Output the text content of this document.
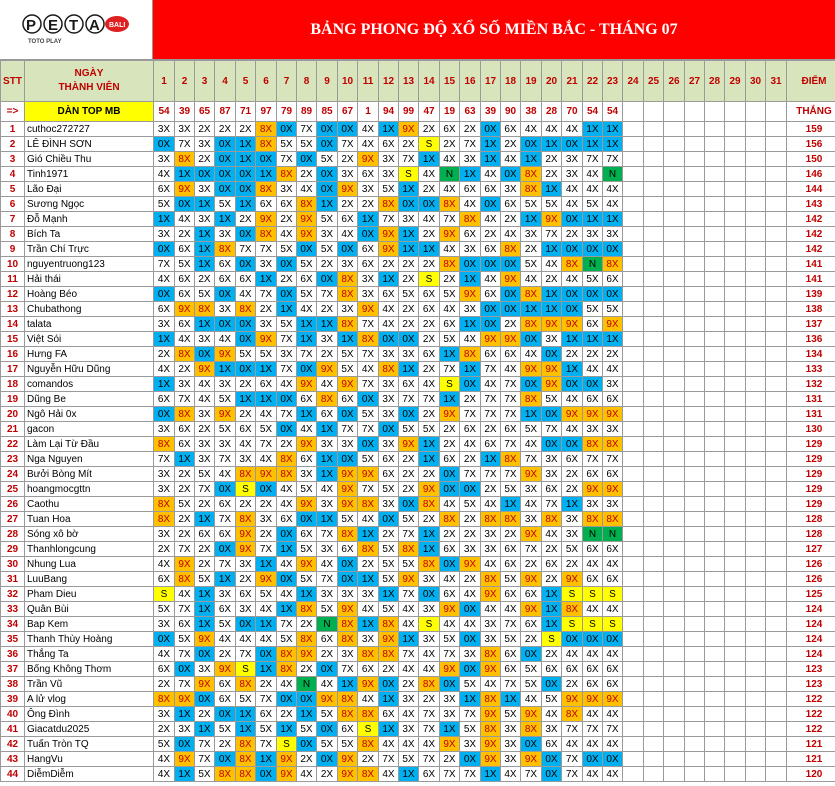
P E T A BALI
TOTO PLAY
BẢNG PHONG ĐỘ XỔ SỐ MIỀN BẮC - THÁNG 07
STT	NGÀY
THÀNH VIÊN	1	2	3	4	5	6	7	8	9	10	11	12	13	14	15	16	17	18	19	20	21	22	23	24	25	26	27	28	29	30	31	ĐIỂM
=>	DÀN TOP MB	54	39	65	87	71	97	79	89	85	67	1	94	99	47	19	63	39	90	38	28	70	54	54									THẮNG
1	cuthoc272727	3X	3X	2X	2X	2X	8X	0X	7X	0X	0X	4X	1X	9X	2X	6X	2X	0X	6X	4X	4X	4X	1X	1X									159
2	LÊ ĐÌNH SƠN	0X	7X	3X	0X	1X	8X	5X	5X	0X	7X	4X	6X	2X	S	2X	7X	1X	2X	0X	1X	0X	1X	1X									156
3	Gió Chiều Thu	3X	8X	2X	0X	1X	0X	7X	0X	5X	2X	9X	3X	7X	1X	4X	3X	1X	4X	1X	2X	3X	7X	7X									150
4	Tinh1971	4X	1X	0X	0X	0X	1X	8X	2X	0X	3X	6X	3X	S	4X	N	1X	4X	0X	8X	2X	3X	4X	N									146
5	Lão Đại	6X	9X	3X	0X	0X	8X	3X	4X	0X	9X	3X	5X	1X	2X	4X	6X	6X	3X	8X	1X	4X	4X	4X									144
6	Sương Ngọc	5X	0X	1X	5X	1X	6X	6X	8X	1X	2X	2X	8X	0X	0X	8X	4X	0X	6X	5X	5X	4X	5X	4X									143
7	Đỗ Mạnh	1X	4X	3X	1X	2X	9X	2X	9X	5X	6X	1X	7X	3X	4X	7X	8X	4X	2X	1X	9X	0X	1X	1X									142
8	Bích Ta	3X	2X	1X	3X	0X	8X	4X	9X	3X	4X	0X	9X	1X	2X	9X	6X	2X	4X	3X	7X	2X	3X	3X									142
9	Trần Chí Trực	0X	6X	1X	8X	7X	7X	5X	0X	5X	0X	6X	9X	1X	1X	4X	3X	6X	8X	2X	1X	0X	0X	0X									142
10	nguyentruong123	7X	5X	1X	6X	0X	3X	0X	5X	2X	3X	6X	2X	2X	2X	8X	0X	0X	0X	5X	4X	8X	N	8X									141
11	Hải thái	4X	6X	2X	6X	6X	1X	2X	6X	0X	8X	3X	1X	2X	S	2X	1X	4X	9X	4X	2X	4X	5X	6X									141
12	Hoàng Béo	0X	6X	5X	0X	4X	7X	0X	5X	7X	8X	3X	6X	5X	6X	5X	9X	6X	0X	8X	1X	0X	0X	0X									139
13	Chubathong	6X	9X	8X	3X	8X	2X	1X	4X	2X	3X	9X	4X	2X	6X	4X	3X	0X	0X	1X	1X	0X	5X	5X									138
14	talata	3X	6X	1X	0X	0X	3X	5X	1X	1X	8X	7X	4X	2X	2X	6X	1X	0X	2X	8X	9X	9X	6X	9X									137
15	Việt Sói	1X	4X	3X	4X	0X	9X	7X	1X	3X	1X	8X	0X	0X	2X	5X	4X	9X	9X	0X	3X	1X	1X	1X									136
16	Hưng FA	2X	8X	0X	9X	5X	5X	3X	7X	2X	5X	7X	3X	3X	6X	1X	8X	6X	6X	4X	0X	2X	2X	2X									134
17	Nguyễn Hữu Dũng	4X	2X	9X	1X	0X	1X	7X	0X	9X	5X	4X	8X	1X	2X	7X	1X	7X	4X	9X	9X	1X	4X	4X									133
18	comandos	1X	3X	4X	3X	2X	6X	4X	9X	4X	9X	7X	3X	6X	4X	S	0X	4X	7X	0X	9X	0X	0X	3X									132
19	Dũng Be	6X	7X	4X	5X	1X	1X	0X	6X	8X	6X	0X	3X	7X	7X	1X	2X	7X	7X	8X	5X	4X	6X	6X									131
20	Ngô Hải 0x	0X	8X	3X	9X	2X	4X	7X	1X	6X	0X	5X	3X	0X	2X	9X	7X	7X	7X	1X	0X	9X	9X	9X									131
21	gacon	3X	6X	2X	5X	6X	5X	0X	4X	1X	7X	7X	0X	5X	5X	2X	6X	2X	6X	5X	7X	4X	3X	3X									130
22	Làm Lại Từ Đầu	8X	6X	3X	3X	4X	7X	2X	9X	3X	3X	0X	3X	9X	1X	2X	4X	6X	7X	4X	0X	0X	8X	8X									129
23	Nga Nguyen	7X	1X	3X	7X	3X	4X	8X	6X	1X	0X	5X	6X	2X	1X	6X	2X	1X	8X	7X	3X	6X	7X	7X									129
24	Bưởi Bòng Mít	3X	2X	5X	4X	8X	9X	8X	3X	1X	9X	9X	6X	2X	2X	0X	7X	7X	7X	9X	3X	2X	6X	6X									129
25	hoangmocgttn	3X	2X	7X	0X	S	0X	4X	5X	4X	9X	7X	5X	2X	9X	0X	0X	2X	5X	3X	6X	2X	9X	9X									129
26	Caothu	8X	5X	2X	6X	2X	2X	4X	9X	3X	9X	8X	3X	0X	8X	4X	5X	4X	1X	4X	7X	1X	3X	3X									129
27	Tuan Hoa	8X	2X	1X	7X	8X	3X	6X	0X	1X	5X	4X	0X	5X	2X	8X	2X	8X	8X	3X	8X	3X	8X	8X									128
28	Sóng xô bờ	3X	2X	6X	6X	9X	2X	0X	6X	7X	8X	1X	2X	7X	1X	2X	2X	3X	2X	9X	4X	3X	N	N									128
29	Thanhlongcung	2X	7X	2X	0X	9X	7X	1X	5X	3X	6X	8X	5X	8X	1X	6X	3X	3X	6X	7X	2X	5X	6X	6X									127
30	Nhung Lua	4X	9X	2X	7X	3X	1X	4X	9X	4X	0X	2X	5X	5X	8X	0X	9X	4X	6X	2X	6X	2X	4X	4X									126
31	LuuBang	6X	8X	5X	1X	2X	9X	0X	5X	7X	0X	1X	5X	9X	3X	4X	2X	8X	5X	9X	2X	9X	6X	6X									126
32	Pham Dieu	S	4X	1X	3X	6X	5X	4X	1X	3X	3X	3X	1X	7X	0X	6X	4X	9X	6X	6X	1X	S	S	S									125
33	Quân Bùi	5X	7X	1X	6X	3X	4X	1X	8X	5X	9X	4X	5X	4X	3X	9X	0X	4X	4X	9X	1X	8X	4X	4X									124
34	Bap Kem	3X	6X	1X	5X	0X	1X	7X	2X	N	8X	1X	8X	4X	S	4X	4X	3X	7X	6X	1X	S	S	S									124
35	Thanh Thùy Hoàng	0X	5X	9X	4X	4X	4X	5X	8X	6X	8X	3X	9X	1X	3X	5X	0X	3X	5X	2X	S	0X	0X	0X									124
36	Thắng Ta	4X	7X	0X	2X	7X	0X	8X	9X	2X	3X	8X	8X	7X	4X	7X	3X	8X	6X	0X	2X	4X	4X	4X									124
37	Bống Không Thơm	6X	0X	3X	9X	S	1X	8X	2X	0X	7X	6X	2X	4X	4X	9X	0X	9X	6X	5X	6X	6X	6X	6X									123
38	Trần Vũ	2X	7X	9X	6X	8X	2X	4X	N	4X	1X	9X	0X	2X	8X	0X	5X	4X	7X	5X	0X	2X	6X	6X									123
39	A lử vlog	8X	9X	0X	6X	5X	7X	0X	0X	9X	8X	4X	1X	3X	2X	3X	1X	8X	1X	4X	5X	9X	9X	9X									122
40	Ông Đình	3X	1X	2X	0X	1X	6X	2X	1X	5X	8X	8X	6X	4X	7X	3X	7X	9X	5X	9X	4X	8X	4X	4X									122
41	Giacatdu2025	2X	3X	1X	5X	1X	5X	1X	5X	0X	6X	S	1X	3X	7X	1X	5X	8X	3X	8X	3X	7X	7X	7X									122
42	Tuấn Tròn TQ	5X	0X	7X	2X	8X	7X	S	0X	5X	5X	8X	4X	4X	4X	9X	3X	9X	3X	0X	6X	4X	4X	4X									121
43	HangVu	4X	9X	7X	0X	8X	1X	9X	2X	0X	9X	2X	7X	5X	7X	2X	0X	9X	3X	9X	0X	7X	0X	0X									121
44	DiễmDiễm	4X	1X	5X	8X	8X	0X	9X	4X	2X	9X	8X	4X	1X	6X	7X	7X	1X	4X	7X	0X	7X	4X	4X									120
